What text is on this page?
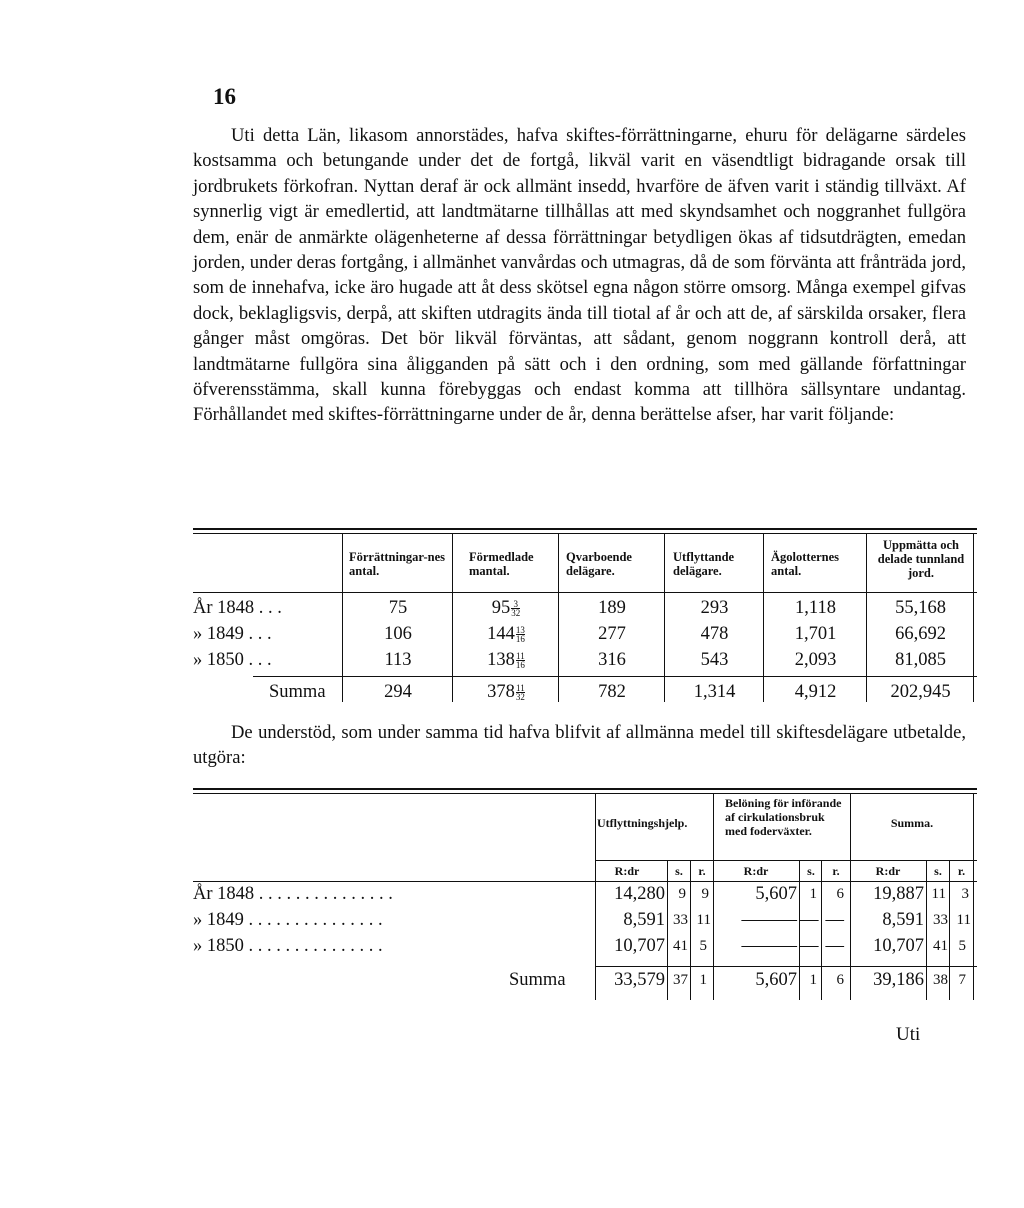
16

Uti detta Län, likasom annorstädes, hafva skiftes-förrättningarne, ehuru för delägarne särdeles kostsamma och betungande under det de fortgå, likväl varit en väsendtligt bidragande orsak till jordbrukets förkofran. Nyttan deraf är ock allmänt insedd, hvarföre de äfven varit i ständig tillväxt. Af synnerlig vigt är emedlertid, att landtmätarne tillhållas att med skyndsamhet och noggranhet fullgöra dem, enär de anmärkte olägenheterne af dessa förrättningar betydligen ökas af tidsutdrägten, emedan jorden, under deras fortgång, i allmänhet vanvårdas och utmagras, då de som förvänta att frånträda jord, som de innehafva, icke äro hugade att åt dess skötsel egna någon större omsorg. Många exempel gifvas dock, beklagligsvis, derpå, att skiften utdragits ända till tiotal af år och att de, af särskilda orsaker, flera gånger måst omgöras. Det bör likväl förväntas, att sådant, genom noggrann kontroll derå, att landtmätarne fullgöra sina åligganden på sätt och i den ordning, som med gällande författningar öfverensstämma, skall kunna förebyggas och endast komma att tillhöra sällsyntare undantag. Förhållandet med skiftes-förrättningarne under de år, denna berättelse afser, har varit följande:

Förrättningar-nes antal.
Förmedlade mantal.
Qvarboende delägare.
Utflyttande delägare.
Ägolotternes antal.
Uppmätta och delade tunnland jord.
År 1848 . . .	75	$95 \frac{3}{32}$	189	293	1,118	55,168
» 1849 . . .	106	$144 \frac{13}{16}$	277	478	1,701	66,692
» 1850 . . .	113	$138 \frac{11}{16}$	316	543	2,093	81,085
Summa	294	$378 \frac{11}{32}$	782	1,314	4,912	202,945

De understöd, som under samma tid hafva blifvit af allmänna medel till skiftesdelägare utbetalde, utgöra:

Utflyttningshjelp.
Belöning för införande af cirkulationsbruk med foderväxter.
Summa.
R:dr	s.	r.	R:dr	s.	r.	R:dr	s.	r.
År 1848 . . . . . . . . . . . . . . .	14,280 9	9	5,607 1	6	19,887 11	3
» 1849 . . . . . . . . . . . . . . .	8,591 33 11	——— — —	8,591 33 11
» 1850 . . . . . . . . . . . . . . .	10,707 41 5	——— — —	10,707 41 5
Summa	33,579 37 1	5,607 1	6	39,186 38 7
Uti
